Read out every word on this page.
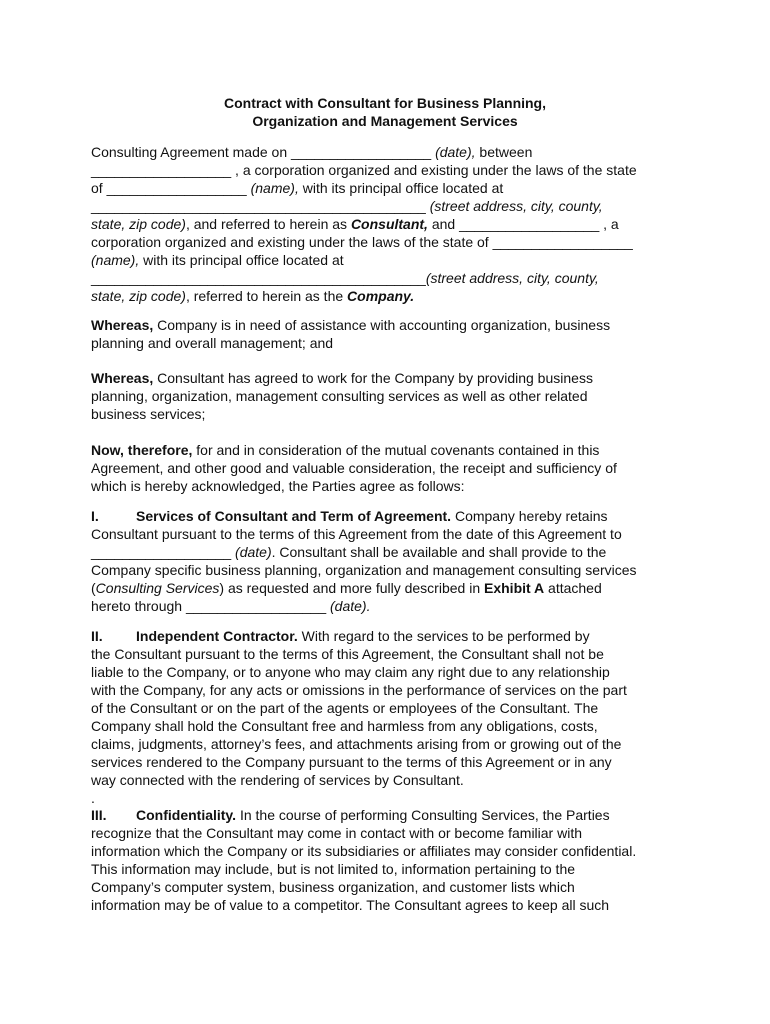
Contract with Consultant for Business Planning,
Organization and Management Services
Consulting Agreement made on __________________ (date), between
__________________ , a corporation organized and existing under the laws of the state
of __________________ (name), with its principal office located at
___________________________________________ (street address, city, county,
state, zip code), and referred to herein as Consultant, and __________________ , a
corporation organized and existing under the laws of the state of __________________
(name), with its principal office located at
___________________________________________(street address, city, county,
state, zip code), referred to herein as the Company.
Whereas, Company is in need of assistance with accounting organization, business
planning and overall management; and
Whereas, Consultant has agreed to work for the Company by providing business
planning, organization, management consulting services as well as other related
business services;
Now, therefore, for and in consideration of the mutual covenants contained in this
Agreement, and other good and valuable consideration, the receipt and sufficiency of
which is hereby acknowledged, the Parties agree as follows:
I.	Services of Consultant and Term of Agreement. Company hereby retains
Consultant pursuant to the terms of this Agreement from the date of this Agreement to
__________________ (date). Consultant shall be available and shall provide to the
Company specific business planning, organization and management consulting services
(Consulting Services) as requested and more fully described in Exhibit A attached
hereto through __________________ (date).
II. Independent Contractor. With regard to the services to be performed by
the Consultant pursuant to the terms of this Agreement, the Consultant shall not be
liable to the Company, or to anyone who may claim any right due to any relationship
with the Company, for any acts or omissions in the performance of services on the part
of the Consultant or on the part of the agents or employees of the Consultant. The
Company shall hold the Consultant free and harmless from any obligations, costs,
claims, judgments, attorney’s fees, and attachments arising from or growing out of the
services rendered to the Company pursuant to the terms of this Agreement or in any
way connected with the rendering of services by Consultant.
.
III. Confidentiality. In the course of performing Consulting Services, the Parties
recognize that the Consultant may come in contact with or become familiar with
information which the Company or its subsidiaries or affiliates may consider confidential.
This information may include, but is not limited to, information pertaining to the
Company’s computer system, business organization, and customer lists which
information may be of value to a competitor. The Consultant agrees to keep all such
